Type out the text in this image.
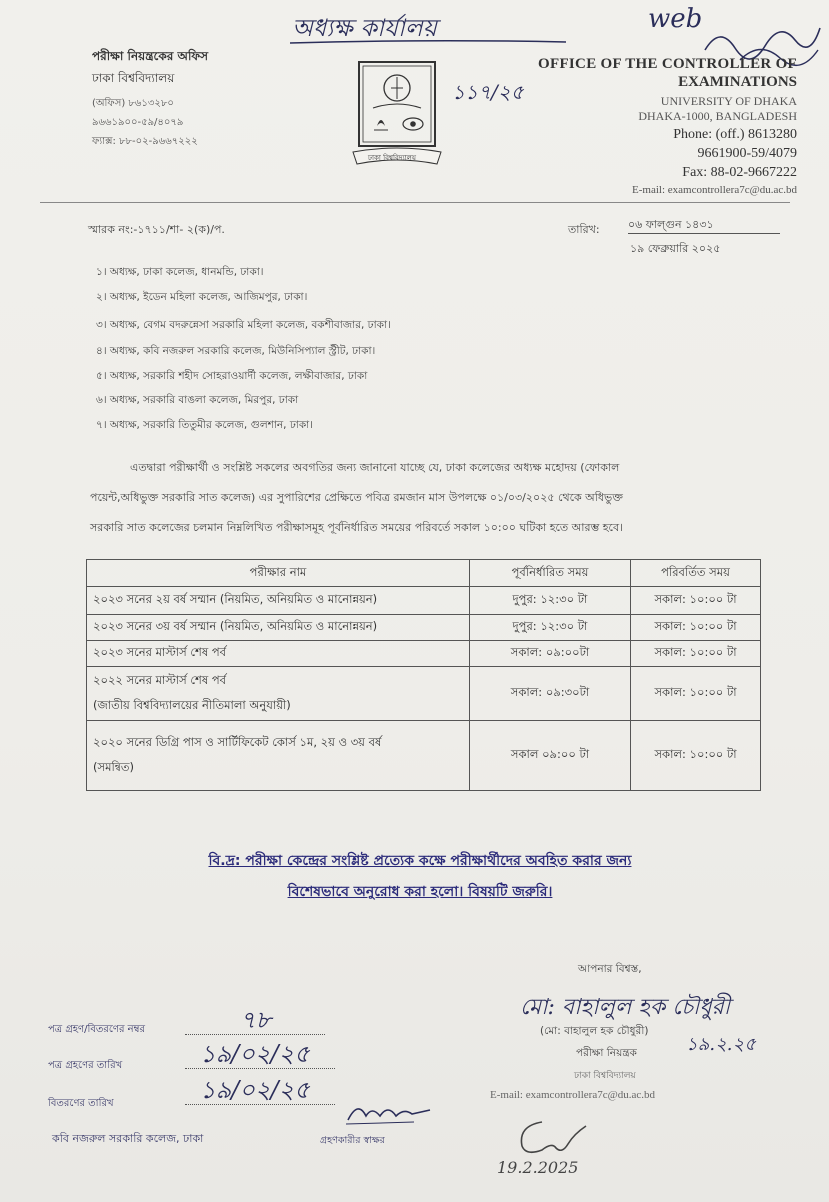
অধ্যক্ষ কার্যালয়	web
১১৭/২৫
পরীক্ষা নিয়ন্ত্রকের অফিস
ঢাকা বিশ্ববিদ্যালয়
(অফিস) ৮৬১৩২৮০
৯৬৬১৯০০-৫৯/৪০৭৯
ফ্যাক্স: ৮৮-০২-৯৬৬৭২২২
ঢাকা বিশ্ববিদ্যালয়
OFFICE OF THE CONTROLLER OF
EXAMINATIONS
UNIVERSITY OF DHAKA
DHAKA-1000, BANGLADESH
Phone: (off.) 8613280
9661900-59/4079
Fax: 88-02-9667222
E-mail: examcontrollera7c@du.ac.bd
স্মারক নং:-১৭১১/শা- ২(ক)/প.	তারিখ:	০৬ ফাল্গুন ১৪৩১
১৯ ফেব্রুয়ারি ২০২৫
১। অধ্যক্ষ, ঢাকা কলেজ, ধানমন্ডি, ঢাকা।
২। অধ্যক্ষ, ইডেন মহিলা কলেজ, আজিমপুর, ঢাকা।
৩। অধ্যক্ষ, বেগম বদরুন্নেসা সরকারি মহিলা কলেজ, বকশীবাজার, ঢাকা।
৪। অধ্যক্ষ, কবি নজরুল সরকারি কলেজ, মিউনিসিপ্যাল স্ট্রীট, ঢাকা।
৫। অধ্যক্ষ, সরকারি শহীদ সোহরাওয়ার্দী কলেজ, লক্ষীবাজার, ঢাকা
৬। অধ্যক্ষ, সরকারি বাঙলা কলেজ, মিরপুর, ঢাকা
৭। অধ্যক্ষ, সরকারি তিতুমীর কলেজ, গুলশান, ঢাকা।
এতদ্বারা পরীক্ষার্থী ও সংশ্লিষ্ট সকলের অবগতির জন্য জানানো যাচ্ছে যে, ঢাকা কলেজের অধ্যক্ষ মহোদয় (ফোকাল
পয়েন্ট,অধিভুক্ত সরকারি সাত কলেজ) এর সুপারিশের প্রেক্ষিতে পবিত্র রমজান মাস উপলক্ষে ০১/০৩/২০২৫ থেকে অধিভুক্ত
সরকারি সাত কলেজের চলমান নিম্নলিখিত পরীক্ষাসমূহ পূর্বনির্ধারিত সময়ের পরিবর্তে সকাল ১০:০০ ঘটিকা হতে আরম্ভ হবে।
পরীক্ষার নাম	পূর্বনির্ধারিত সময়	পরিবর্তিত সময়
২০২৩ সনের ২য় বর্ষ সম্মান (নিয়মিত, অনিয়মিত ও মানোন্নয়ন)	দুপুর: ১২:৩০ টা	সকাল: ১০:০০ টা
২০২৩ সনের ৩য় বর্ষ সম্মান (নিয়মিত, অনিয়মিত ও মানোন্নয়ন)	দুপুর: ১২:৩০ টা	সকাল: ১০:০০ টা
২০২৩ সনের মাস্টার্স শেষ পর্ব	সকাল: ০৯:০০টা	সকাল: ১০:০০ টা

২০২২ সনের মাস্টার্স শেষ পর্ব
(জাতীয় বিশ্ববিদ্যালয়ের নীতিমালা অনুযায়ী)	সকাল: ০৯:৩০টা	সকাল: ১০:০০ টা

২০২০ সনের ডিগ্রি পাস ও সার্টিফিকেট কোর্স ১ম, ২য় ও ৩য় বর্ষ
(সমন্বিত)	সকাল ০৯:০০ টা	সকাল: ১০:০০ টা
বি.দ্র: পরীক্ষা কেন্দ্রের সংশ্লিষ্ট প্রত্যেক কক্ষে পরীক্ষার্থীদের অবহিত করার জন্য
বিশেষভাবে অনুরোধ করা হলো। বিষয়টি জরুরি।
আপনার বিশ্বস্ত,
মো: বাহালুল হক চৌধুরী
(মো: বাহালুল হক চৌধুরী)
১৯.২.২৫
পরীক্ষা নিয়ন্ত্রক
ঢাকা বিশ্ববিদ্যালয়
E-mail: examcontrollera7c@du.ac.bd
পত্র গ্রহণ/বিতরণের নম্বর	৭৮
পত্র গ্রহণের তারিখ	১৯/০২/২৫
বিতরণের তারিখ	১৯/০২/২৫
কবি নজরুল সরকারি কলেজ, ঢাকা	গ্রহণকারীর স্বাক্ষর
19.2.2025
